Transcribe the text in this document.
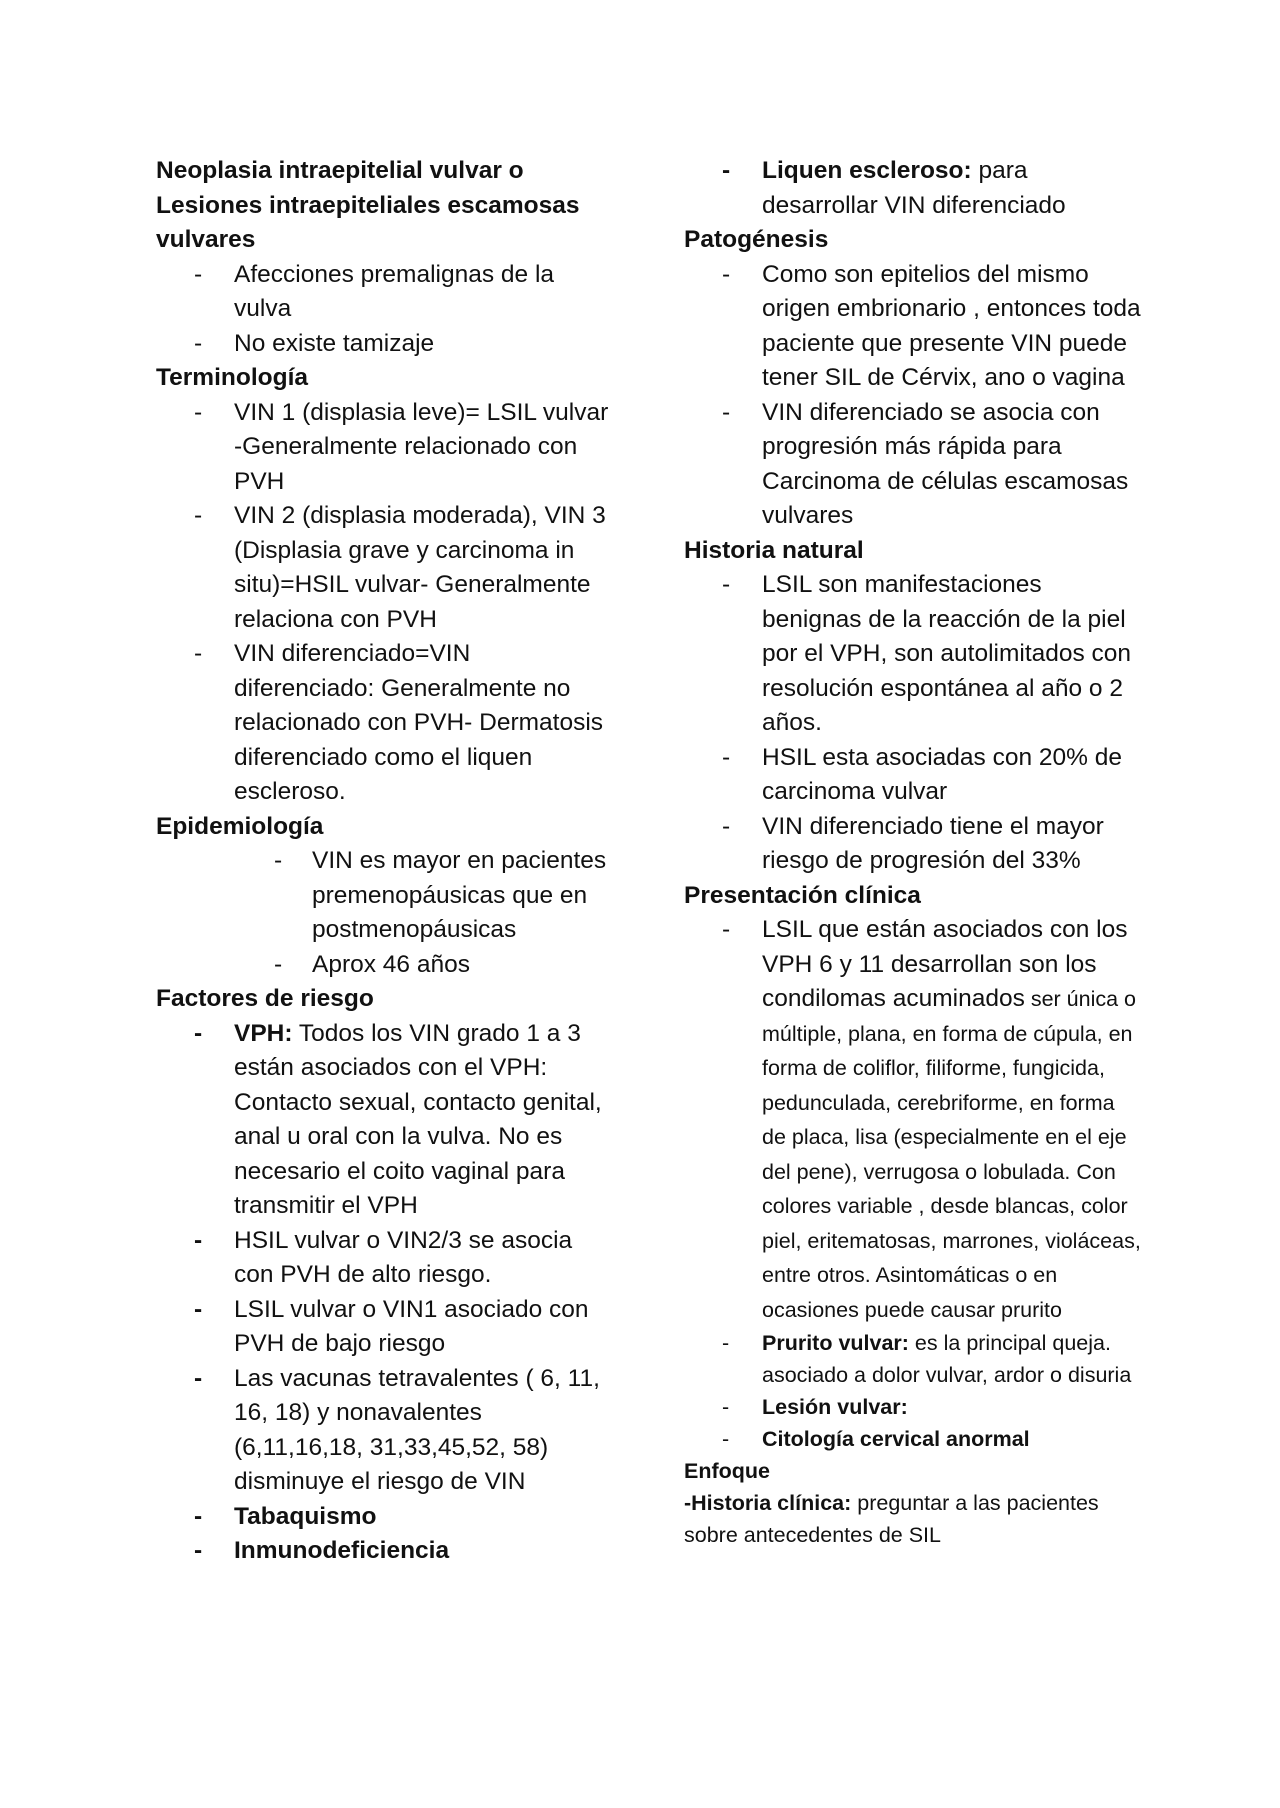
Neoplasia intraepitelial vulvar o
Lesiones intraepiteliales escamosas
vulvares

- Afecciones premalignas de la vulva
- No existe tamizaje

Terminología

- VIN 1 (displasia leve)= LSIL vulvar -Generalmente relacionado con PVH
- VIN 2 (displasia moderada), VIN 3 (Displasia grave y carcinoma in situ)=HSIL vulvar- Generalmente relaciona con PVH
- VIN diferenciado=VIN diferenciado: Generalmente no relacionado con PVH- Dermatosis diferenciado como el liquen escleroso.

Epidemiología

- VIN es mayor en pacientes premenopáusicas que en postmenopáusicas
- Aprox 46 años

Factores de riesgo

- VPH: Todos los VIN grado 1 a 3 están asociados con el VPH: Contacto sexual, contacto genital, anal u oral con la vulva. No es necesario el coito vaginal para transmitir el VPH
- HSIL vulvar o VIN2/3 se asocia con PVH de alto riesgo.
- LSIL vulvar o VIN1 asociado con PVH de bajo riesgo
- Las vacunas tetravalentes ( 6, 11, 16, 18) y nonavalentes (6,11,16,18, 31,33,45,52, 58) disminuye el riesgo de VIN
- Tabaquismo
- Inmunodeficiencia
- Liquen escleroso: para desarrollar VIN diferenciado

Patogénesis

- Como son epitelios del mismo origen embrionario , entonces toda paciente que presente VIN puede tener SIL de Cérvix, ano o vagina
- VIN diferenciado se asocia con progresión más rápida para Carcinoma de células escamosas vulvares

Historia natural

- LSIL son manifestaciones benignas de la reacción de la piel por el VPH, son autolimitados con resolución espontánea al año o 2 años.
- HSIL esta asociadas con 20% de carcinoma vulvar
- VIN diferenciado tiene el mayor riesgo de progresión del 33%

Presentación clínica

- LSIL que están asociados con los VPH 6 y 11 desarrollan son los condilomas acuminados ser única o múltiple, plana, en forma de cúpula, en forma de coliflor, filiforme, fungicida, pedunculada, cerebriforme, en forma de placa, lisa (especialmente en el eje del pene), verrugosa o lobulada. Con colores variable , desde blancas, color piel, eritematosas, marrones, violáceas, entre otros. Asintomáticas o en ocasiones puede causar prurito
- Prurito vulvar: es la principal queja. asociado a dolor vulvar, ardor o disuria
- Lesión vulvar:
- Citología cervical anormal

Enfoque

-Historia clínica: preguntar a las pacientes sobre antecedentes de SIL
